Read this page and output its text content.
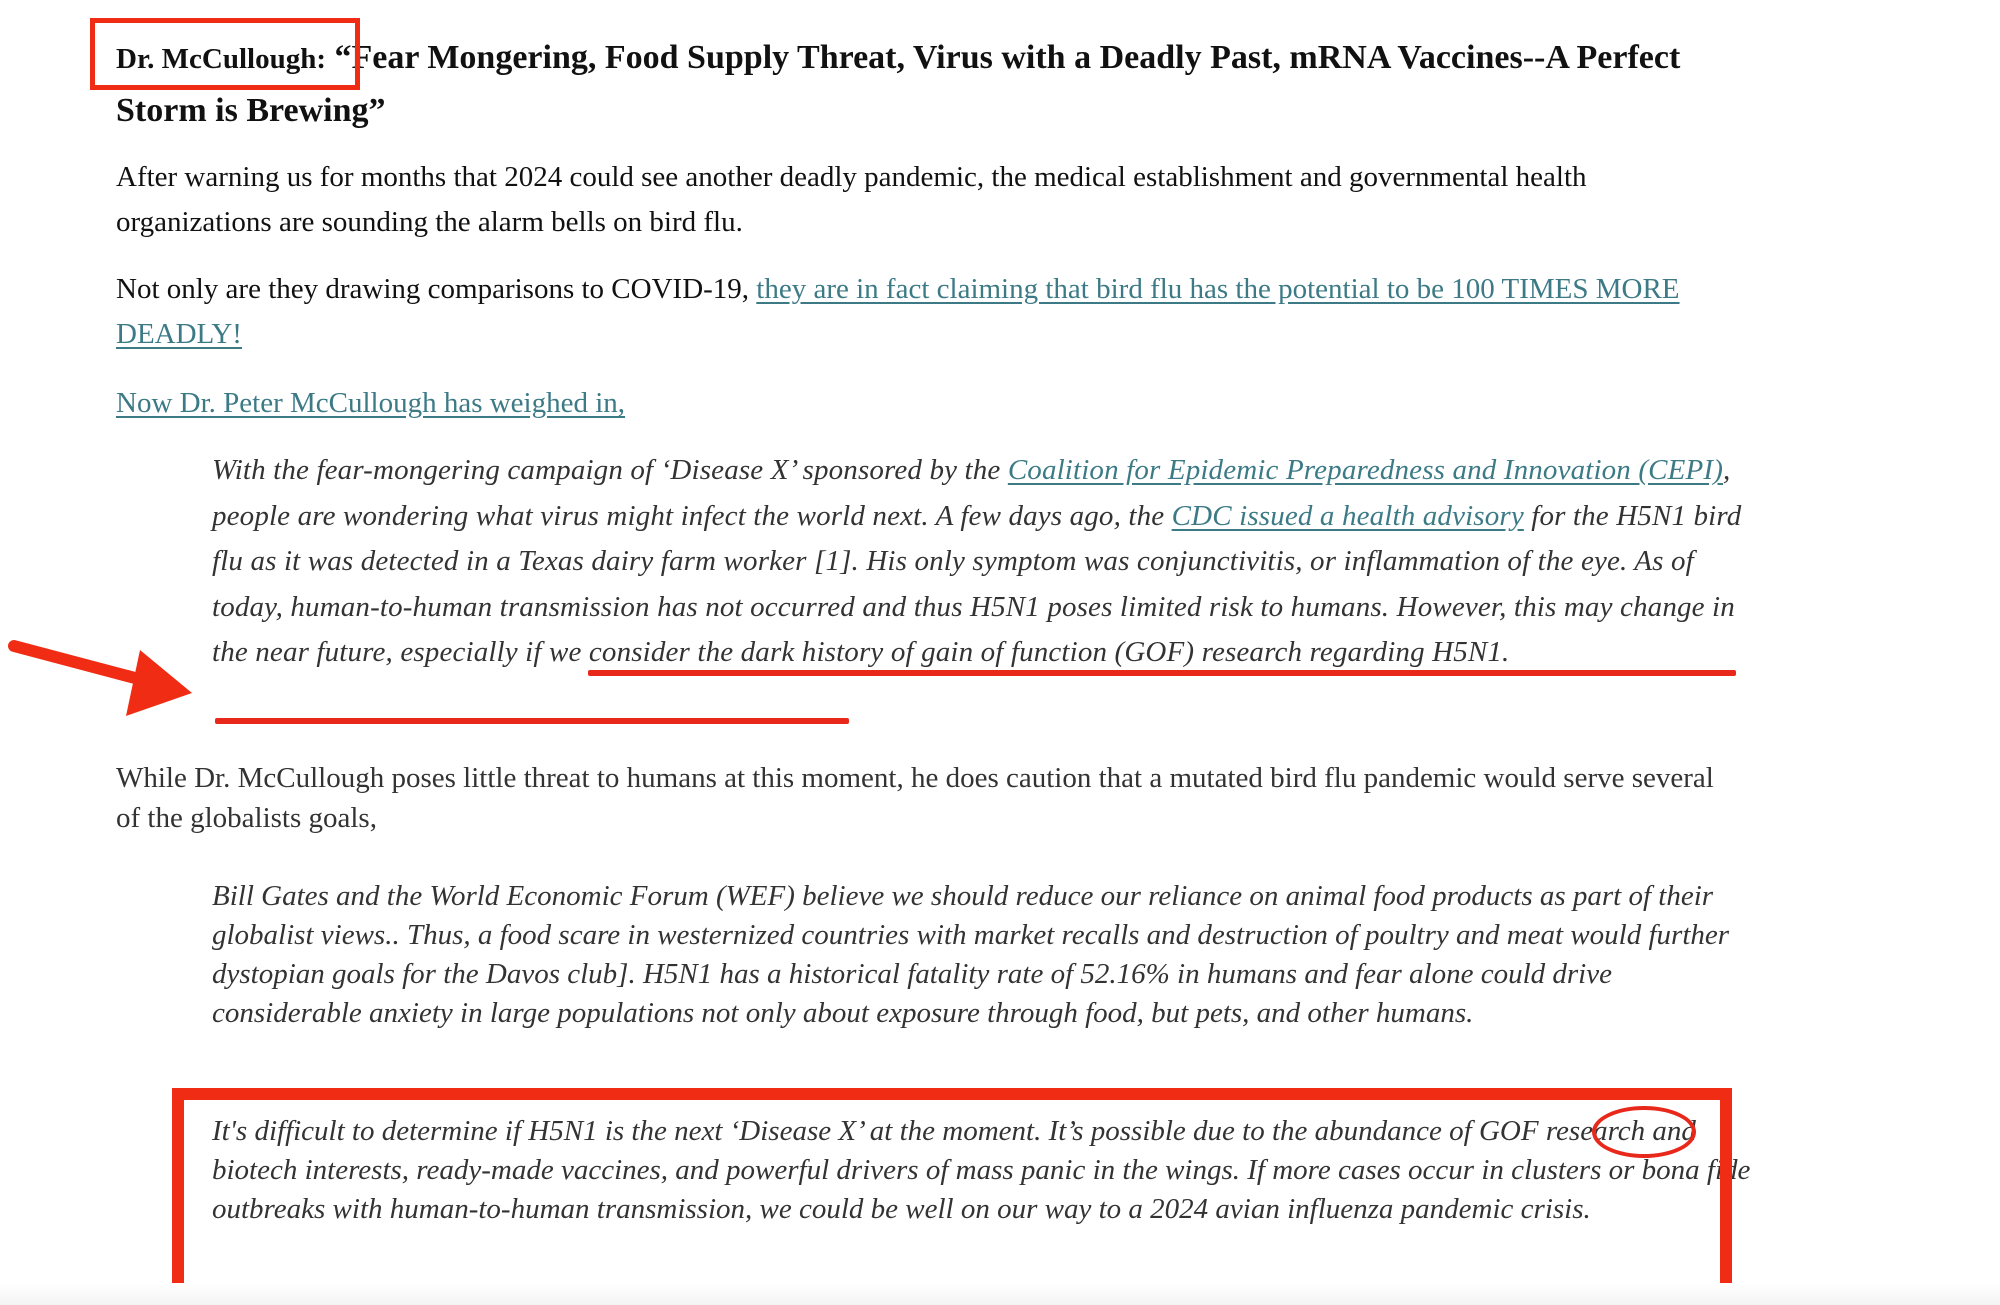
Dr. McCullough: “Fear Mongering, Food Supply Threat, Virus with a Deadly Past, mRNA Vaccines--A Perfect Storm is Brewing”

After warning us for months that 2024 could see another deadly pandemic, the medical establishment and governmental health organizations are sounding the alarm bells on bird flu.

Not only are they drawing comparisons to COVID-19, they are in fact claiming that bird flu has the potential to be 100 TIMES MORE DEADLY!

Now Dr. Peter McCullough has weighed in,

With the fear-mongering campaign of ‘Disease X’ sponsored by the Coalition for Epidemic Preparedness and Innovation (CEPI), people are wondering what virus might infect the world next. A few days ago, the CDC issued a health advisory for the H5N1 bird flu as it was detected in a Texas dairy farm worker [1]. His only symptom was conjunctivitis, or inflammation of the eye. As of today, human-to-human transmission has not occurred and thus H5N1 poses limited risk to humans. However, this may change in the near future, especially if we consider the dark history of gain of function (GOF) research regarding H5N1.

While Dr. McCullough poses little threat to humans at this moment, he does caution that a mutated bird flu pandemic would serve several of the globalists goals,

Bill Gates and the World Economic Forum (WEF) believe we should reduce our reliance on animal food products as part of their globalist views.. Thus, a food scare in westernized countries with market recalls and destruction of poultry and meat would further dystopian goals for the Davos club]. H5N1 has a historical fatality rate of 52.16% in humans and fear alone could drive considerable anxiety in large populations not only about exposure through food, but pets, and other humans.

It's difficult to determine if H5N1 is the next ‘Disease X’ at the moment. It’s possible due to the abundance of GOF research and biotech interests, ready-made vaccines, and powerful drivers of mass panic in the wings. If more cases occur in clusters or bona fide outbreaks with human-to-human transmission, we could be well on our way to a 2024 avian influenza pandemic crisis.
